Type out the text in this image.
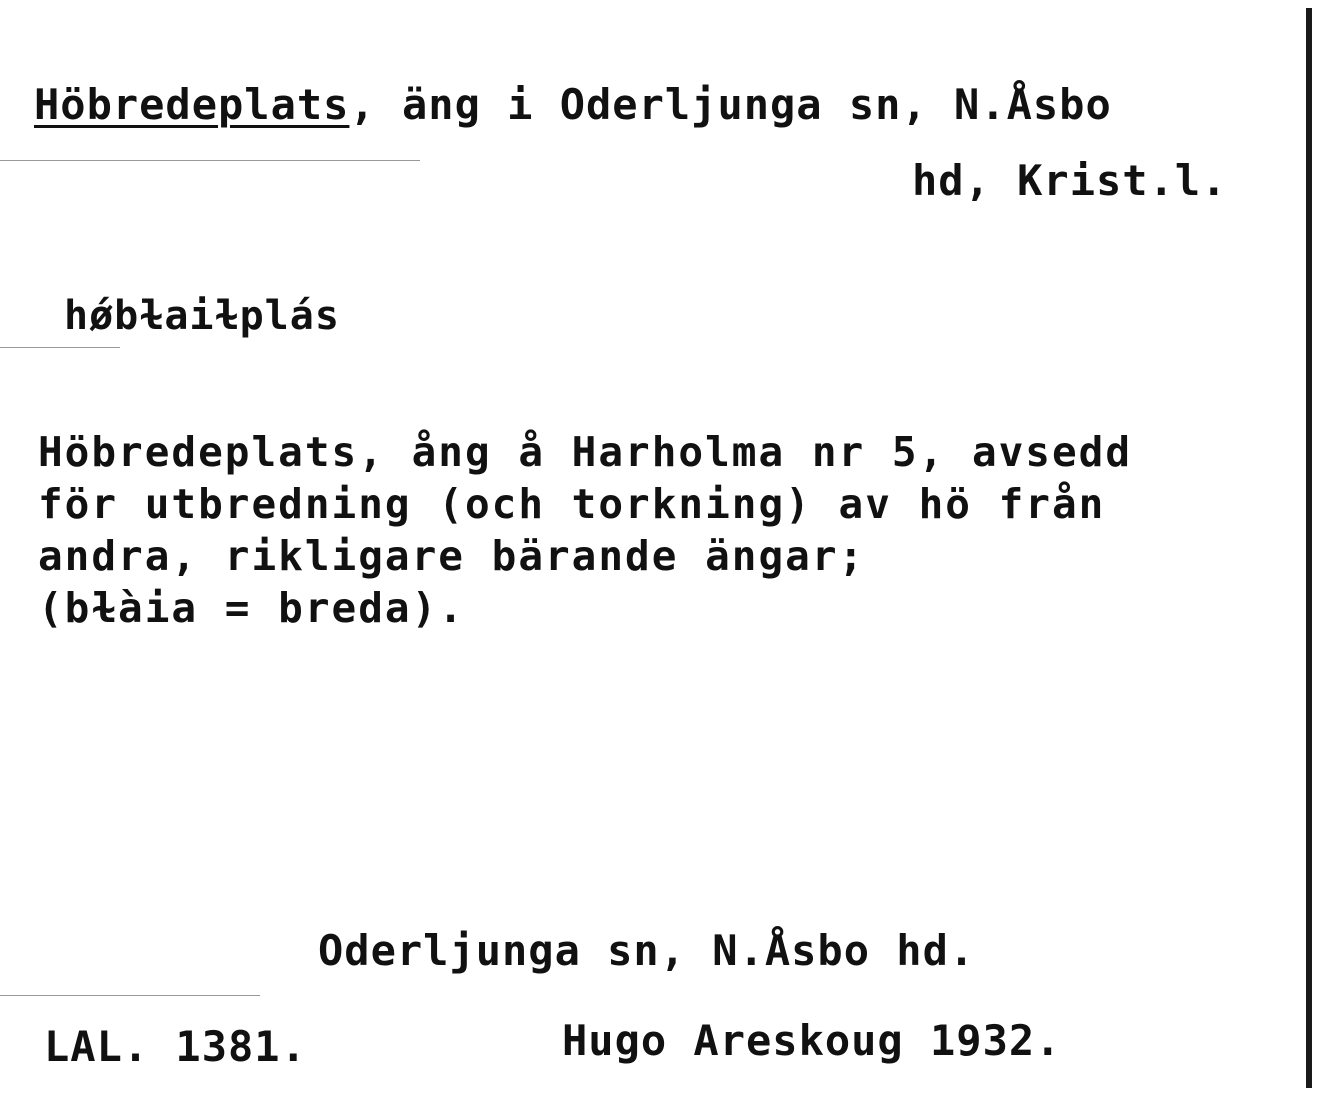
Höbredeplats, äng i Oderljunga sn, N.Åsbo
hd, Krist.l.
hǿbɫaiɫplás
Höbredeplats, ång å Harholma nr 5, avsedd
för utbredning (och torkning) av hö från
andra, rikligare bärande ängar;
(bɫàia = breda).
Oderljunga sn, N.Åsbo hd.
LAL. 1381.	Hugo Areskoug 1932.
